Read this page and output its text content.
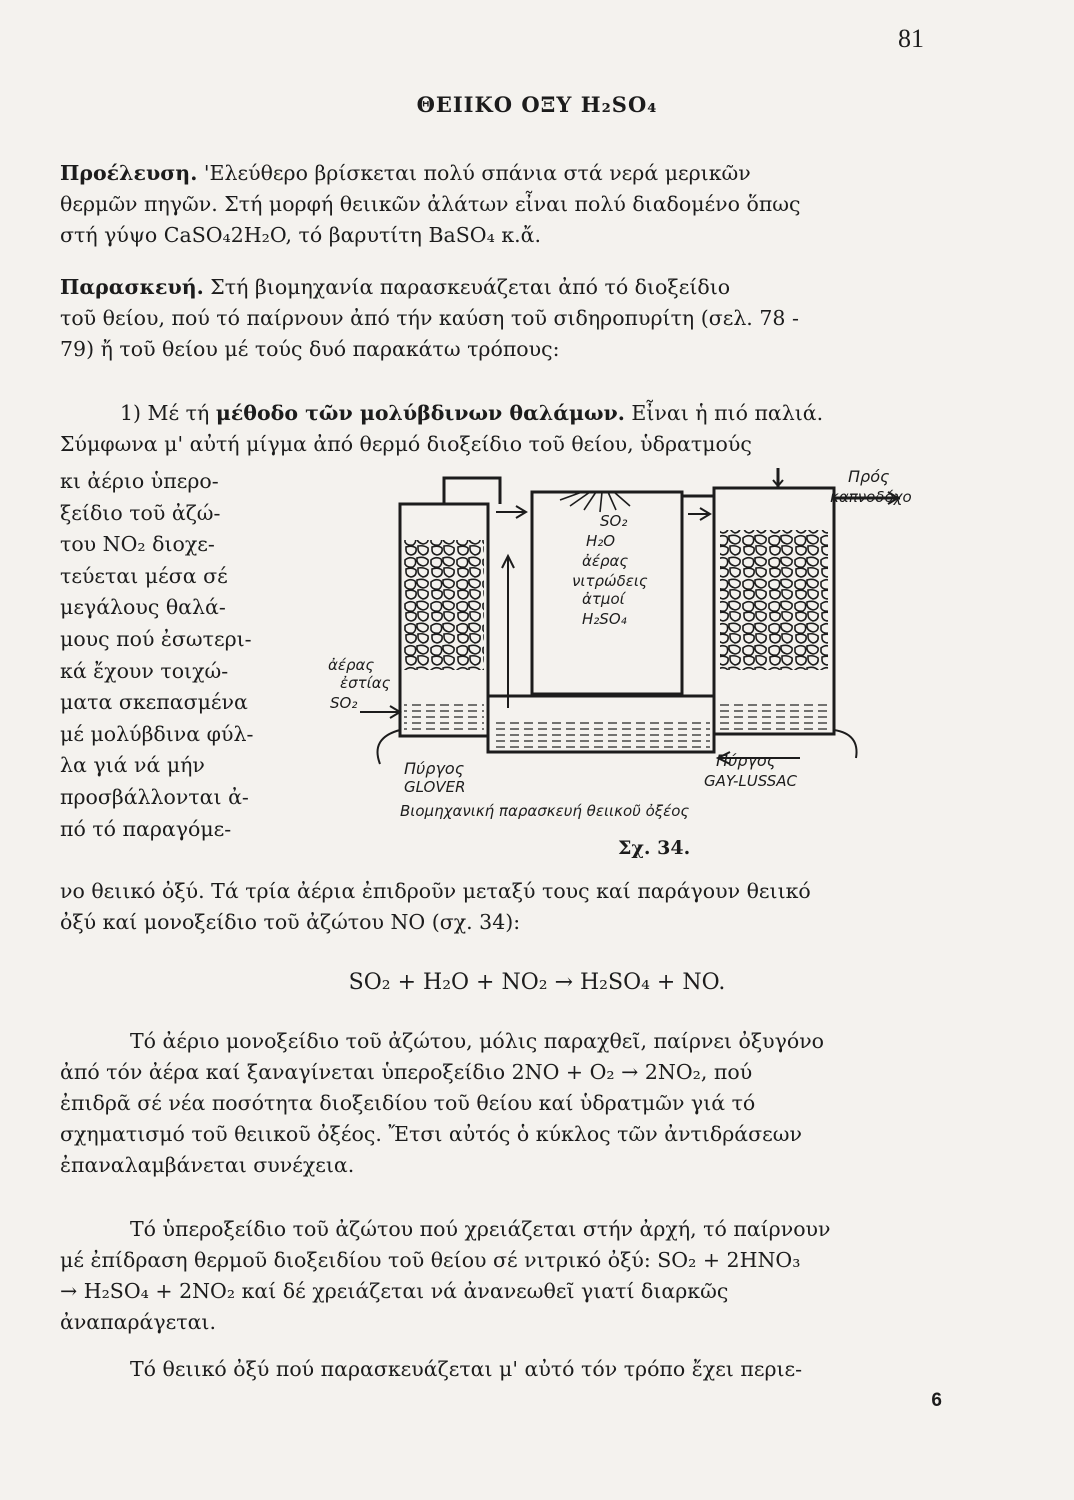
81
ΘΕΙΙΚΟ ΟΞΥ H₂SO₄
Προέλευση. 'Ελεύθερο βρίσκεται πολύ σπάνια στά νερά μερικῶν
θερμῶν πηγῶν. Στή μορφή θειικῶν ἀλάτων εἶναι πολύ διαδομένο ὅπως
στή γύψο CaSO₄2H₂O, τό βαρυτίτη BaSO₄ κ.ἄ.
Παρασκευή. Στή βιομηχανία παρασκευάζεται ἀπό τό διοξείδιο
τοῦ θείου, πού τό παίρνουν ἀπό τήν καύση τοῦ σιδηροπυρίτη (σελ. 78 -
79) ἤ τοῦ θείου μέ τούς δυό παρακάτω τρόπους:
1) Μέ τή μέθοδο τῶν μολύβδινων θαλάμων. Εἶναι ἡ πιό παλιά.
Σύμφωνα μ' αὐτή μίγμα ἀπό θερμό διοξείδιο τοῦ θείου, ὑδρατμούς
κι ἀέριο ὑπερο-
ξείδιο τοῦ ἀζώ-
του NO₂ διοχε-
τεύεται μέσα σέ
μεγάλους θαλά-
μους πού ἐσωτερι-
κά ἔχουν τοιχώ-
ματα σκεπασμένα
μέ μολύβδινα φύλ-
λα γιά νά μήν
προσβάλλονται ἀ-
πό τό παραγόμε-
Πρός
καπνοδόχο
SO₂
H₂O
ἀέρας
νιτρώδεις
ἀτμοί
H₂SO₄
ἀέρας
ἐστίας
SO₂
Πύργος
GLOVER
Πύργος
GAY-LUSSAC
Βιομηχανική παρασκευή θειικοῦ ὀξέος
Σχ. 34.
νο θειικό ὀξύ. Τά τρία ἀέρια ἐπιδροῦν μεταξύ τους καί παράγουν θειικό
ὀξύ καί μονοξείδιο τοῦ ἀζώτου NO (σχ. 34):
SO₂ + H₂O + NO₂ → H₂SO₄ + NO.
Τό ἀέριο μονοξείδιο τοῦ ἀζώτου, μόλις παραχθεῖ, παίρνει ὀξυγόνο
ἀπό τόν ἀέρα καί ξαναγίνεται ὑπεροξείδιο 2NO + O₂ → 2NO₂, πού
ἐπιδρᾶ σέ νέα ποσότητα διοξειδίου τοῦ θείου καί ὑδρατμῶν γιά τό
σχηματισμό τοῦ θειικοῦ ὀξέος. Ἔτσι αὐτός ὁ κύκλος τῶν ἀντιδράσεων
ἐπαναλαμβάνεται συνέχεια.
Τό ὑπεροξείδιο τοῦ ἀζώτου πού χρειάζεται στήν ἀρχή, τό παίρνουν
μέ ἐπίδραση θερμοῦ διοξειδίου τοῦ θείου σέ νιτρικό ὀξύ: SO₂ + 2HNO₃
→ H₂SO₄ + 2NO₂ καί δέ χρειάζεται νά ἀνανεωθεῖ γιατί διαρκῶς
ἀναπαράγεται.
Τό θειικό ὀξύ πού παρασκευάζεται μ' αὐτό τόν τρόπο ἔχει περιε-
6
